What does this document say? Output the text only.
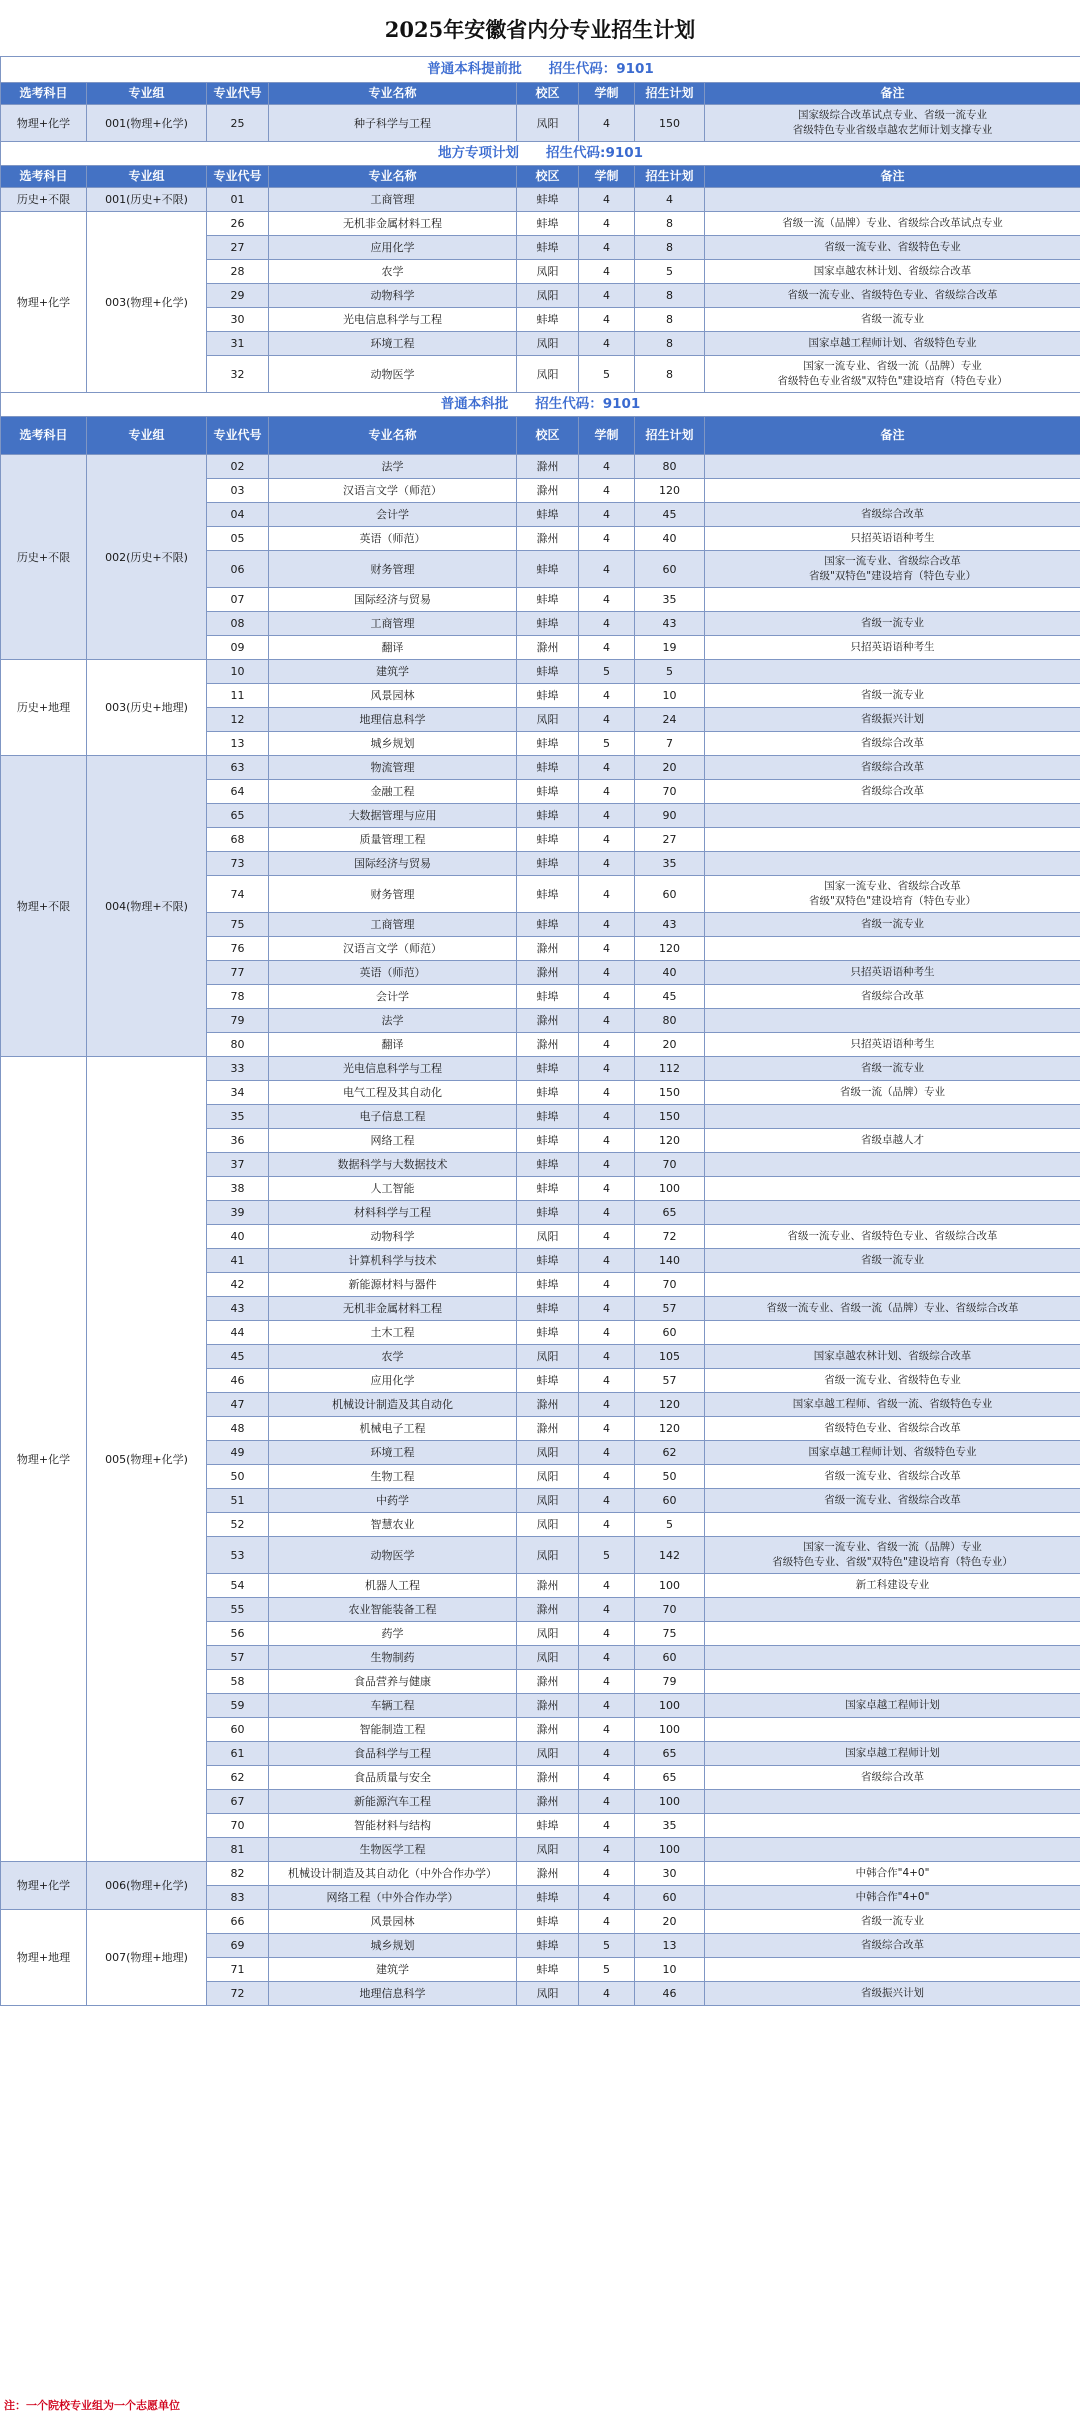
2025年安徽省内分专业招生计划
普通本科提前批　　招生代码：9101							
选考科目	专业组	专业代号	专业名称	校区	学制	招生计划	备注
物理+化学	001(物理+化学)	25	种子科学与工程	凤阳	4	150	国家级综合改革试点专业、省级一流专业
省级特色专业省级卓越农艺师计划支撑专业
地方专项计划　　招生代码:9101							
选考科目	专业组	专业代号	专业名称	校区	学制	招生计划	备注
历史+不限	001(历史+不限)	01	工商管理	蚌埠	4	4	
物理+化学	003(物理+化学)	26	无机非金属材料工程	蚌埠	4	8	省级一流（品牌）专业、省级综合改革试点专业
		27	应用化学	蚌埠	4	8	省级一流专业、省级特色专业
		28	农学	凤阳	4	5	国家卓越农林计划、省级综合改革
		29	动物科学	凤阳	4	8	省级一流专业、省级特色专业、省级综合改革
		30	光电信息科学与工程	蚌埠	4	8	省级一流专业
		31	环境工程	凤阳	4	8	国家卓越工程师计划、省级特色专业
		32	动物医学	凤阳	5	8	国家一流专业、省级一流（品牌）专业
省级特色专业省级"双特色"建设培育（特色专业）
普通本科批　　招生代码：9101							
选考科目	专业组	专业代号	专业名称	校区	学制	招生计划	备注
历史+不限	002(历史+不限)	02	法学	滁州	4	80	
		03	汉语言文学（师范）	滁州	4	120	
		04	会计学	蚌埠	4	45	省级综合改革
		05	英语（师范）	滁州	4	40	只招英语语种考生
		06	财务管理	蚌埠	4	60	国家一流专业、省级综合改革
省级"双特色"建设培育（特色专业）
		07	国际经济与贸易	蚌埠	4	35	
		08	工商管理	蚌埠	4	43	省级一流专业
		09	翻译	滁州	4	19	只招英语语种考生
历史+地理	003(历史+地理)	10	建筑学	蚌埠	5	5	
		11	风景园林	蚌埠	4	10	省级一流专业
		12	地理信息科学	凤阳	4	24	省级振兴计划
		13	城乡规划	蚌埠	5	7	省级综合改革
物理+不限	004(物理+不限)	63	物流管理	蚌埠	4	20	省级综合改革
		64	金融工程	蚌埠	4	70	省级综合改革
		65	大数据管理与应用	蚌埠	4	90	
		68	质量管理工程	蚌埠	4	27	
		73	国际经济与贸易	蚌埠	4	35	
		74	财务管理	蚌埠	4	60	国家一流专业、省级综合改革
省级"双特色"建设培育（特色专业）
		75	工商管理	蚌埠	4	43	省级一流专业
		76	汉语言文学（师范）	滁州	4	120	
		77	英语（师范）	滁州	4	40	只招英语语种考生
		78	会计学	蚌埠	4	45	省级综合改革
		79	法学	滁州	4	80	
		80	翻译	滁州	4	20	只招英语语种考生
物理+化学	005(物理+化学)	33	光电信息科学与工程	蚌埠	4	112	省级一流专业
		34	电气工程及其自动化	蚌埠	4	150	省级一流（品牌）专业
		35	电子信息工程	蚌埠	4	150	
		36	网络工程	蚌埠	4	120	省级卓越人才
		37	数据科学与大数据技术	蚌埠	4	70	
		38	人工智能	蚌埠	4	100	
		39	材料科学与工程	蚌埠	4	65	
		40	动物科学	凤阳	4	72	省级一流专业、省级特色专业、省级综合改革
		41	计算机科学与技术	蚌埠	4	140	省级一流专业
		42	新能源材料与器件	蚌埠	4	70	
		43	无机非金属材料工程	蚌埠	4	57	省级一流专业、省级一流（品牌）专业、省级综合改革
		44	土木工程	蚌埠	4	60	
		45	农学	凤阳	4	105	国家卓越农林计划、省级综合改革
		46	应用化学	蚌埠	4	57	省级一流专业、省级特色专业
		47	机械设计制造及其自动化	滁州	4	120	国家卓越工程师、省级一流、省级特色专业
		48	机械电子工程	滁州	4	120	省级特色专业、省级综合改革
		49	环境工程	凤阳	4	62	国家卓越工程师计划、省级特色专业
		50	生物工程	凤阳	4	50	省级一流专业、省级综合改革
		51	中药学	凤阳	4	60	省级一流专业、省级综合改革
		52	智慧农业	凤阳	4	5	
		53	动物医学	凤阳	5	142	国家一流专业、省级一流（品牌）专业
省级特色专业、省级"双特色"建设培育（特色专业）
		54	机器人工程	滁州	4	100	新工科建设专业
		55	农业智能装备工程	滁州	4	70	
		56	药学	凤阳	4	75	
		57	生物制药	凤阳	4	60	
		58	食品营养与健康	滁州	4	79	
		59	车辆工程	滁州	4	100	国家卓越工程师计划
		60	智能制造工程	滁州	4	100	
		61	食品科学与工程	凤阳	4	65	国家卓越工程师计划
		62	食品质量与安全	滁州	4	65	省级综合改革
		67	新能源汽车工程	滁州	4	100	
		70	智能材料与结构	蚌埠	4	35	
		81	生物医学工程	凤阳	4	100	
物理+化学	006(物理+化学)	82	机械设计制造及其自动化（中外合作办学）	滁州	4	30	中韩合作"4+0"
		83	网络工程（中外合作办学）	蚌埠	4	60	中韩合作"4+0"
物理+地理	007(物理+地理)	66	风景园林	蚌埠	4	20	省级一流专业
		69	城乡规划	蚌埠	5	13	省级综合改革
		71	建筑学	蚌埠	5	10	
		72	地理信息科学	凤阳	4	46	省级振兴计划
注：一个院校专业组为一个志愿单位
